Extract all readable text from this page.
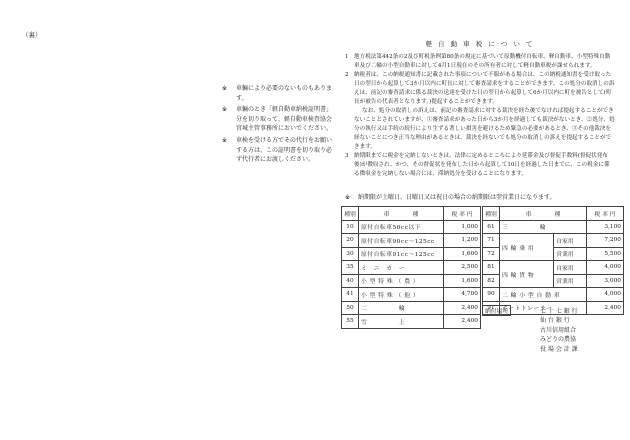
（裏）
※	車輛により必要のないものもあります。
※	車輛のとき「軽自動車納税証明書」分を切り取って、軽自動車検査協会宮城主管事務所においでください。
※	車検を受ける方でその代行をお願いする方は、この証明書を切り取り必ず代行者にお渡しください。
軽 自 動 車 税 に つ い て
1 地方税法第442条の2及び町税条例第80条の規定に基づいて原動機付自転車、軽自動車、小型特殊自動車及び二輪の小型自動車に対して4月1日現在のその所有者に対して軽自動車税が課せられます。
2 納税者は、この納税通知書に記載された事項について不服がある場合は、この納税通知書を受け取った日の翌日から起算して3か月以内に町長に対して審査請求をすることができます。この処分の取消しの訴えは、前記の審査請求に係る裁決の送達を受けた日の翌日から起算して6か月以内に町を被告として(町長が被告の代表者となります。)提起することができます。
なお、処分の取消しの訴えは、前記の審査請求に対する裁決を経た後でなければ提起することができないこととされていますが、①審査請求があった日から3か月を経過しても裁決がないとき、②処分、処分の執行又は手続の続行により生ずる著しい損害を避けるため緊急の必要があるとき、③その他裁決を経ないことにつき正当な理由があるときは、裁決を経ないでも処分の取消しの訴えを提起することができます。
3 納期限までに税金を完納しないときは、法律に定めるところにより延滞金及び督促手数料(督促状発布後)が徴収され、かつ、その督促状を発布した日から起算して10日を経過した日までに、この税金に係る徴収金を完納しない場合には、滞納処分を受けることになります。
※ 納期限が土曜日、日曜日又は祝日の場合の納期限は翌営業日になります。
種別	車　　　　種	税 率 円
10	原付自転車50cc以下	1,000
20	原付自転車90cc〜125cc	1,200
30	原付自転車91cc〜125cc	1,600
35	ミ　ニ　カ　ー	2,500
40	小 型 特 殊 （ 農 ）	1,600
41	小 型 特 殊 （ 他 ）	4,700
50	二　　　　　輪	2,400
55	雪　　　　　上	2,400
種別	車　　　　種		税 率 円
61	三　　　　　輪		3,100
71	四 輪 乗 用	自家用	7,200
72		営業用	5,500
81	四 輪 貨 物	自家用	4,000
82		営業用	3,000
90	二 輪 小 型 自 動 車		4,000
91	ボートトレーラー		2,400
納付場所	七 十 七 銀 行
仙 台 銀 行
古川信用組合
みどりの農協
役 場 会 計 課
